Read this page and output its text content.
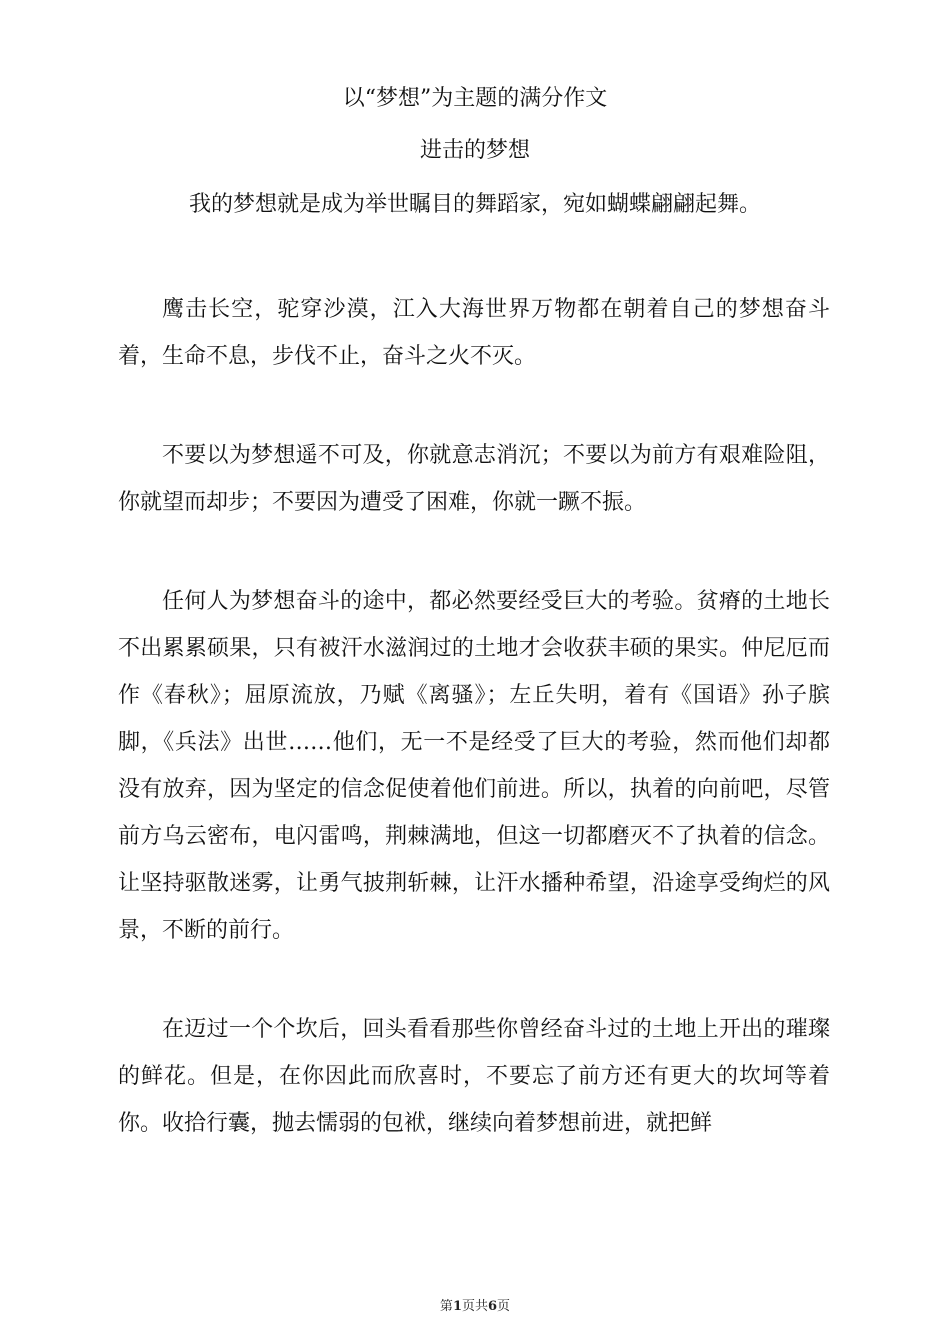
以“梦想”为主题的满分作文
进击的梦想

我的梦想就是成为举世瞩目的舞蹈家，宛如蝴蝶翩翩起舞。

鹰击长空，驼穿沙漠，江入大海世界万物都在朝着自己的梦想奋斗着，生命不息，步伐不止，奋斗之火不灭。

不要以为梦想遥不可及，你就意志消沉；不要以为前方有艰难险阻，你就望而却步；不要因为遭受了困难，你就一蹶不振。

任何人为梦想奋斗的途中，都必然要经受巨大的考验。贫瘠的土地长不出累累硕果，只有被汗水滋润过的土地才会收获丰硕的果实。仲尼厄而作《春秋》；屈原流放，乃赋《离骚》；左丘失明，着有《国语》孙子膑脚，《兵法》出世……他们，无一不是经受了巨大的考验，然而他们却都没有放弃，因为坚定的信念促使着他们前进。所以，执着的向前吧，尽管前方乌云密布，电闪雷鸣，荆棘满地，但这一切都磨灭不了执着的信念。让坚持驱散迷雾，让勇气披荆斩棘，让汗水播种希望，沿途享受绚烂的风景，不断的前行。

在迈过一个个坎后，回头看看那些你曾经奋斗过的土地上开出的璀璨的鲜花。但是，在你因此而欣喜时，不要忘了前方还有更大的坎坷等着你。收拾行囊，抛去懦弱的包袱，继续向着梦想前进，就把鲜

第1页共6页
